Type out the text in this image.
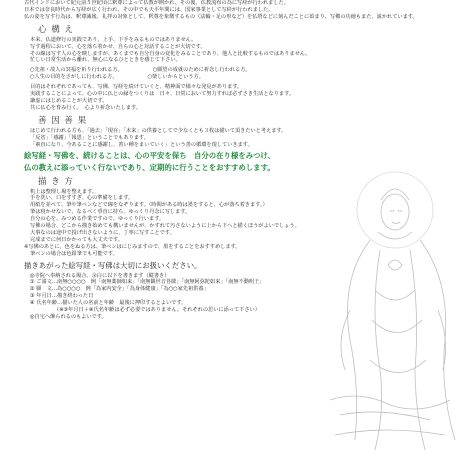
古代インドにおいて紀元前５世紀頃に釈尊によって仏教が開かれ、その後、仏教流布の為に写経が行われました。

日本では奈良時代から写経が広く行われ、その中でも天平年間には、国家事業として写経が行われました。

仏の姿を写す行為は、釈尊滅後、礼拝の対象として、釈尊を象徴するもの（法輪・足の形など）を仏塔などに刻んだことに始まり、写佛の功徳もまた、説かれています。

心 構 え

本来、仏道修行の実践であり、上手、下手をみるものではありません。

写す過程において、心を落ち着かせ、自らの心と対話することが大切です。

その線は写す人の心を映しますが、あくまでも自分自身の変化をみることであり、他人と比較するものではありません。

忙しい日常生活から離れ、無心になるひとときを感じて下さい。

○先祖・故人の冥福を祈り行われる方。	○願望の成就のために祈念し行われる方。

○人生の目的をさがしに行われる方。	○楽しいからという方。

目的はそれぞれであっても、写佛、写経を続けていくと、精神面で様々な発見があります。

実践することによって、心の中に仏との縁をつくりは　日々、日常において努力すれば必ずさき生活となります。

謙虚にはじめることが大切です。

共に仏心を育み行く。　心より祈念いたします。

善 因 善 果

はじめて行われる方も、「過去」「現在」「未来」の供養としてで少なくとも３枚は描いて頂きたいと考えます。

「反省」「感謝」「報恩」ということでもあります。

「素直になり、今あることに感謝し、善い種をまいていく」という善の循環を現していきます。

絵写経・写佛を、続けることは、心の平安を保ち　自分の在り様をみつけ、
仏の教えに添っていく行ないであり、定期的に行うことをおすすめします。
描 き 方

机上は整理し場を整えます。

手を洗い、口をすすぎ、心の準備をします。

用紙を並べて、筆や筆ペンなどで線をなぞります。（時間がある時は墨をすると、心が落ち着きます。）

筆は寝かせないで、なるべく垂直に持ち、ゆっくり丹念に写します。

自分の心を、みつめる作業ですので、ゆっくり行います。

写佛の場合、どこから描き始めても構いませんが、かすれて汚さないように上から下へと描くほうがよいでしょう。

大事なのは途中で投げ出さないように、丁寧に写すことです。

完成までに何日かかっても大丈夫です。

※写佛のあとに、色をぬる方は、筆ペンはにじみますので、墨をすることをおすすめします。

筆ペンの場合は色鉛筆でも可能です。

描きあがった絵写経・写佛は大切にお扱いください。

◎寺院へ奉納される場合、余白に以下を書きます（縦書き）

① ご請文…南無○○○○　例「南無薬師如来」「南無観世音菩薩」「南無阿弥陀如来」「南無不動明王」

② 願　文…為○○○○　例「為家内安全」「為身体健康」「為○○家先祖供養」

③ 年月日…描き終わった日

④ 氏名年齢…描いた人の名前と年齢　最後に押印するとよいです。

（※③年月日＋④氏名年齢は必ず必要ではありません。それぞれの思いに添って下さい）

◎自宅へ飾られるのもよいです。
